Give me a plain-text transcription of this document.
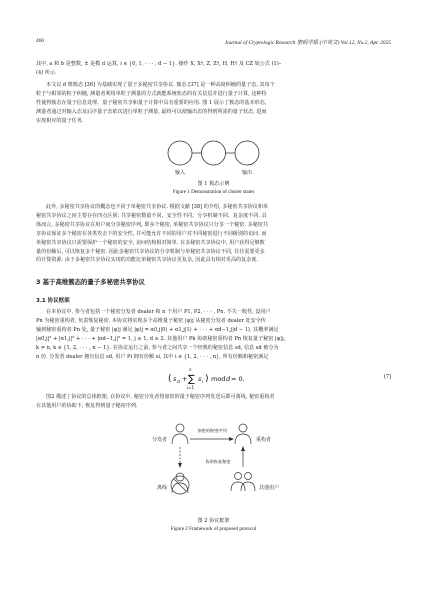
460	Journal of Cryptologic Research 密码学报 (中英文) Vol.12, No.2, Apr. 2025

其中, a 和 b 是整数, ± 是模 d 运算, i ∈ {0, 1, · · · , d − 1}. 操作 X, X†, Z, Z†, H, H† 及 CZ 如公式 (1)–

(4) 所示.

本文以 d 维簇态 [36] 为基础实现了量子多秘密共享协议. 簇态 [37] 是一种高度纠缠的量子态, 其每个

粒子与相邻的粒子纠缠, 测量者利用单粒子测量的方式就能系统状态的有关信息并进行量子计算, 这种特

性使得簇态在量子信息处理、量子秘密共享和量子计算中具有重要的应用. 图 1 展示了簇态的基本形态,

测量者通过对输入态及后序量子态依次进行单粒子测量, 最终可以使输出态的得到所需的量子状态, 进而

实现相应的量子任务.

输入	输出
图 1 簇态示例
Figure 1 Demonstration of cluster states

此外, 多秘密共享协议的概念也不同于单秘密共享协议. 根据文献 [38] 的介绍, 多秘密共享协议和单

秘密共享协议之间主要存在四点区别: 共享秘密数量不同、安全性不同、分享机制不同、复杂度不同. 具

体而言, 多秘密共享协议在用户间分享秘密序列, 即多个秘密, 单秘密共享协议只分享一个秘密. 多秘密共

享协议保证多个秘密在各类攻击下的安全性, 并可能允许不同的用户对不同秘密进行不同级别的访问. 而

单秘密共享协议只需要保护一个秘密的安全, 访问结构相对简单. 在多秘密共享协议中, 用户获得足够数

量的份额后, 可以恢复多个秘密. 因此多秘密共享协议的分享机制与单秘密共享协议不同, 往往需要更多

的计算资源. 由于多秘密共享协议实现的功能比单秘密共享协议更复杂, 因此具有相对更高的复杂度.

3 基于高维簇态的量子多秘密共享协议
3.1 协议框架

在本协议中, 参与者包括一个秘密分发者 dealer 和 n 个用户 P1, P2, · · · , Pn. 不失一般性, 设用户

Pn 为秘密重构者, 负责恢复秘密. 本协议将实现多个高维量子秘密 |φ⟩j 从秘密分发者 dealer 处安全传

输到秘密重构者 Pn 处, 量子秘密 |φ⟩j 满足 |φ⟩j = α0,j|0⟩ + α1,j|1⟩ + · · · + αd−1,j|d − 1⟩, 其概率满足

|α0,j|² + |α1,j|² + · · · + |αd−1,j|² = 1, j ≥ 1, d ≥ 2. 其他用户 Pk 协助秘密重构者 Pn 恢复量子秘密 |φ⟩j,

k ≠ n, k ∈ {1, 2, · · · , n − 1}. 在协议运行之前, 参与者之间共享一个经典的秘密信息 sd, 信息 sd 被分为

n 份. 分发者 dealer 拥有信息 sd, 用户 Pi 拥有份额 si, 其中 i ∈ {1, 2, · · · , n}, 所有份额和秘密满足

( s d +
n
∑
i=1
s i ) mod d = 0.	(7)

图2 描述了协议的总体框架, 在协议中, 秘密分发者将加密的量子秘密序列发送后即可离线, 秘密重构者

在其他用户的协助下, 恢复得到量子秘密序列.

分发者	重构者
加密的秘密序列
协助恢复秘密
离线	其他用户
图 2 协议框架
Figure 2 Framework of proposed protocol
